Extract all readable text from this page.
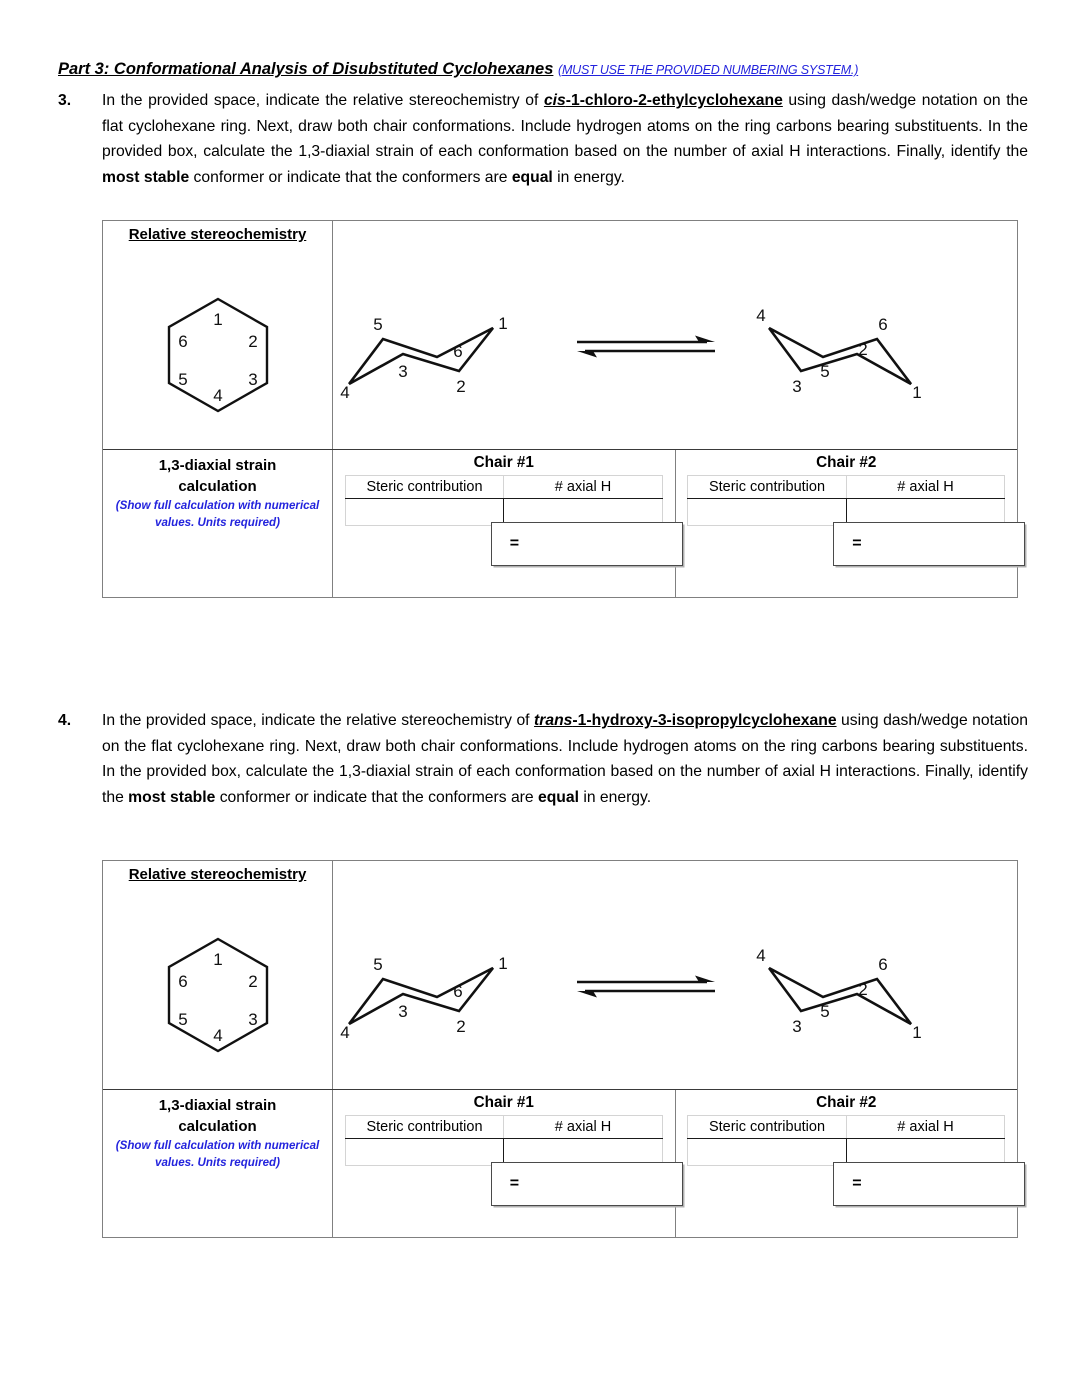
Part 3: Conformational Analysis of Disubstituted Cyclohexanes (MUST USE THE PROVIDED NUMBERING SYSTEM.)
3.	In the provided space, indicate the relative stereochemistry of cis-1-chloro-2-ethylcyclohexane using dash/wedge notation on the flat cyclohexane ring. Next, draw both chair conformations. Include hydrogen atoms on the ring carbons bearing substituents. In the provided box, calculate the 1,3-diaxial strain of each conformation based on the number of axial H interactions. Finally, identify the most stable conformer or indicate that the conformers are equal in energy.
Relative stereochemistry
1
2
3
4
5
6
5	1
6
3
4	2
4	6
5
2
3	1
1,3-diaxial strain
calculation
(Show full calculation with numerical
values. Units required)
Chair #1
Steric contribution	# axial H

=
Chair #2
Steric contribution	# axial H

=
4.	In the provided space, indicate the relative stereochemistry of trans-1-hydroxy-3-isopropylcyclohexane using dash/wedge notation on the flat cyclohexane ring. Next, draw both chair conformations. Include hydrogen atoms on the ring carbons bearing substituents. In the provided box, calculate the 1,3-diaxial strain of each conformation based on the number of axial H interactions. Finally, identify the most stable conformer or indicate that the conformers are equal in energy.
Relative stereochemistry
1
2
3
4
5
6
5	1
6
3
4	2
4	6
5
2
3	1
1,3-diaxial strain
calculation
(Show full calculation with numerical
values. Units required)
Chair #1
Steric contribution	# axial H

=
Chair #2
Steric contribution	# axial H

=
